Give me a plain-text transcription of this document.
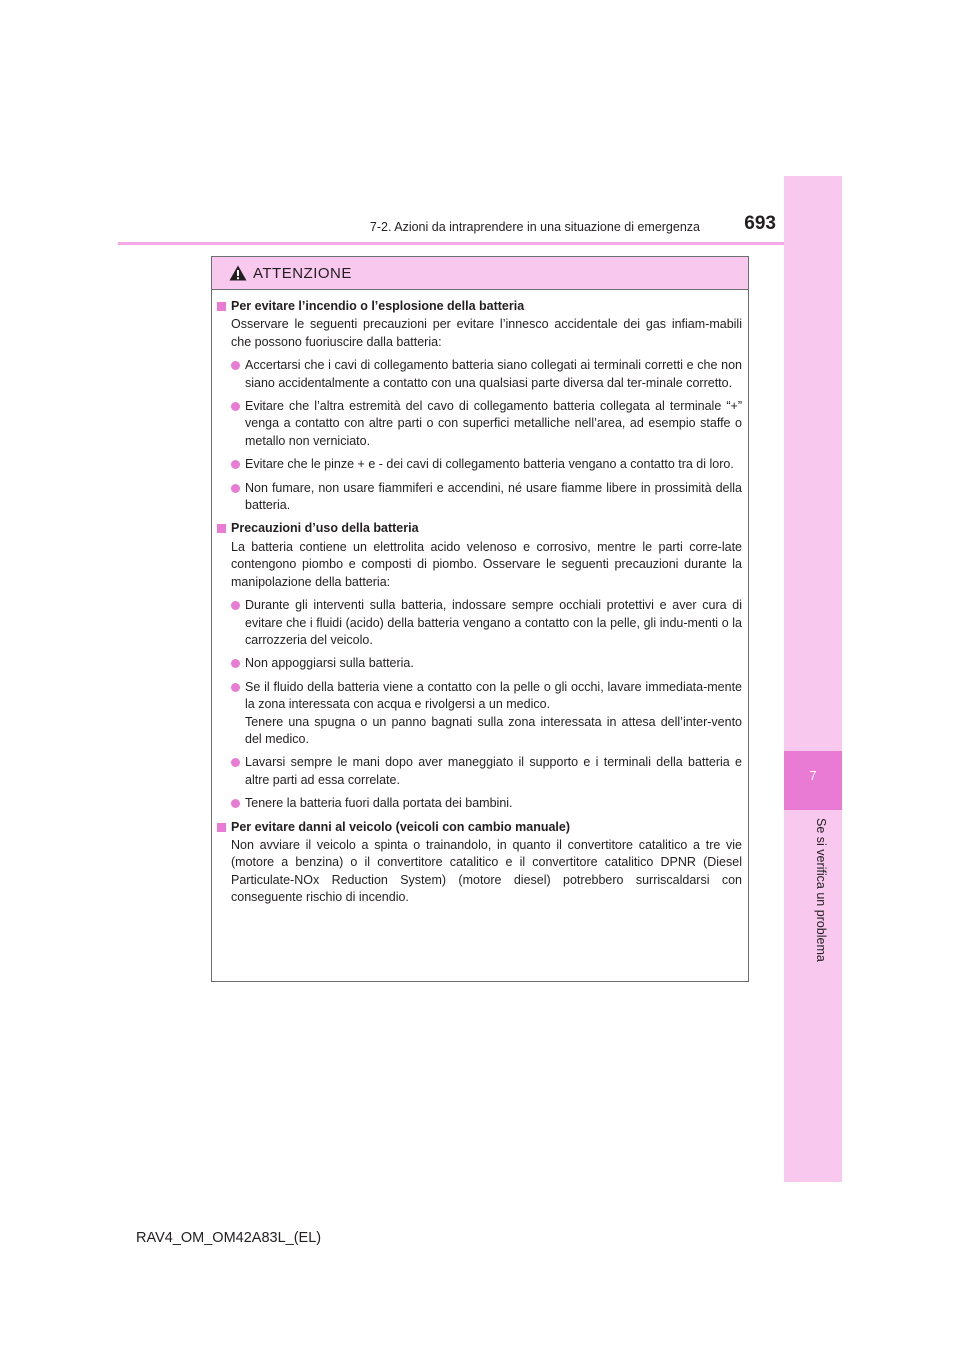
7
Se si verifica un problema
7-2. Azioni da intraprendere in una situazione di emergenza	693
ATTENZIONE
Per evitare l’incendio o l’esplosione della batteria
Osservare le seguenti precauzioni per evitare l’innesco accidentale dei gas infiam-mabili che possono fuoriuscire dalla batteria:
Accertarsi che i cavi di collegamento batteria siano collegati ai terminali corretti e che non siano accidentalmente a contatto con una qualsiasi parte diversa dal ter-minale corretto.
Evitare che l’altra estremità del cavo di collegamento batteria collegata al terminale “+” venga a contatto con altre parti o con superfici metalliche nell’area, ad esempio staffe o metallo non verniciato.
Evitare che le pinze + e - dei cavi di collegamento batteria vengano a contatto tra di loro.
Non fumare, non usare fiammiferi e accendini, né usare fiamme libere in prossimità della batteria.
Precauzioni d’uso della batteria
La batteria contiene un elettrolita acido velenoso e corrosivo, mentre le parti corre-late contengono piombo e composti di piombo. Osservare le seguenti precauzioni durante la manipolazione della batteria:
Durante gli interventi sulla batteria, indossare sempre occhiali protettivi e aver cura di evitare che i fluidi (acido) della batteria vengano a contatto con la pelle, gli indu-menti o la carrozzeria del veicolo.
Non appoggiarsi sulla batteria.
Se il fluido della batteria viene a contatto con la pelle o gli occhi, lavare immediata-mente la zona interessata con acqua e rivolgersi a un medico.
Tenere una spugna o un panno bagnati sulla zona interessata in attesa dell’inter-vento del medico.
Lavarsi sempre le mani dopo aver maneggiato il supporto e i terminali della batteria e altre parti ad essa correlate.
Tenere la batteria fuori dalla portata dei bambini.
Per evitare danni al veicolo (veicoli con cambio manuale)
Non avviare il veicolo a spinta o trainandolo, in quanto il convertitore catalitico a tre vie (motore a benzina) o il convertitore catalitico e il convertitore catalitico DPNR (Diesel Particulate-NOx Reduction System) (motore diesel) potrebbero surriscaldarsi con conseguente rischio di incendio.
RAV4_OM_OM42A83L_(EL)
